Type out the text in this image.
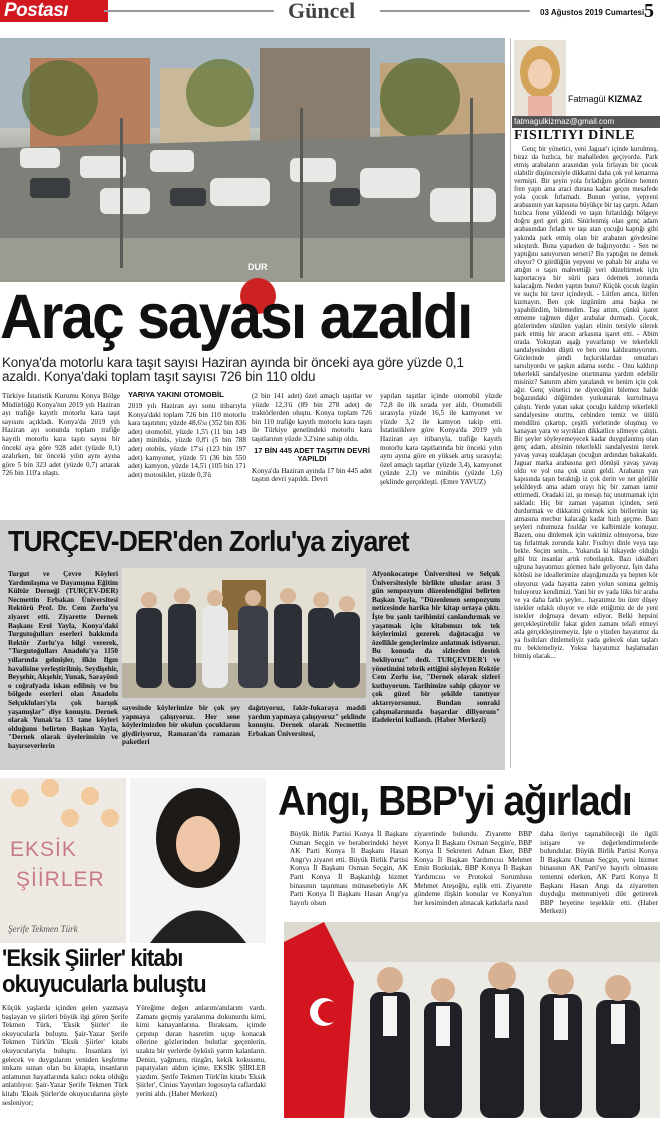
Postası	Güncel	03 Ağustos 2019 Cumartesi 5
DUR
Araç sayası azaldı
Konya'da motorlu kara taşıt sayısı Haziran ayında bir önceki aya göre yüzde 0,1 azaldı. Konya'daki toplam taşıt sayısı 726 bin 110 oldu
Türkiye İstatistik Kurumu Konya Bölge Müdürlüğü Konya'nın 2019 yılı Haziran ayı trafiğe kayıtlı motorlu kara taşıt sayısını açıkladı. Konya'da 2019 yılı Haziran ayı sonunda toplam trafiğe kayıtlı motorlu kara taşıtı sayısı bir önceki aya göre 928 adet (yüzde 0,1) azalırken, bir önceki yılın aynı ayına göre 5 bin 323 adet (yüzde 0,7) artarak 726 bin 110'a ulaştı.
YARIYA YAKINI OTOMOBİL
2019 yılı Haziran ayı sonu itibarıyla Konya'daki toplam 726 bin 110 motorlu kara taşıtının; yüzde 48,6'sı (352 bin 836 adet) otomobil, yüzde 1,5'i (11 bin 149 adet) minibüs, yüzde 0,8'i (5 bin 788 adet) otobüs, yüzde 17'si (123 bin 197 adet) kamyonet, yüzde 5'i (36 bin 550 adet) kamyon, yüzde 14,5'i (105 bin 171 adet) motosiklet, yüzde 0,3'ü
(2 bin 141 adet) özel amaçlı taşıtlar ve yüzde 12,3'ü (89 bin 278 adet) de traktörlerden oluştu. Konya toplam 726 bin 110 trafiğe kayıtlı motorlu kara taşıtı ile Türkiye genelindeki motorlu kara taşıtlarının yüzde 3,2'sine sahip oldu.
17 BİN 445 ADET TAŞITIN DEVRİ YAPILDI
Konya'da Haziran ayında 17 bin 445 adet taşıtın devri yapıldı. Devri
yapılan taşıtlar içinde otomobil yüzde 72,8 ile ilk sırada yer aldı. Otomobili sırasıyla yüzde 16,5 ile kamyonet ve yüzde 3,2 ile kamyon takip etti. İstatistiklere göre Konya'da 2019 yılı Haziran ayı itibarıyla, trafiğe kayıtlı motorlu kara taşıtlarında bir önceki yılın aynı ayına göre en yüksek artış sırasıyla; özel amaçlı taşıtlar (yüzde 3,4), kamyonet (yüzde 2,3) ve minibüs (yüzde 1,6) şeklinde gerçekleşti. (Emre YAVUZ)
TURÇEV-DER'den Zorlu'ya ziyaret
Turgut ve Çevre Köyleri Yardımlaşma ve Dayanışma Eğitim Kültür Derneği (TURÇEV-DER) Necmettin Erbakan Üniversitesi Rektörü Prof. Dr. Cem Zorlu'yu ziyaret etti. Ziyarette Dernek Başkanı Erol Yayla, Konya'daki Turgutoğulları eserleri hakkında Rektör Zorlu'ya bilgi vererek, "Turgutoğulları Anadolu'ya 1150 yıllarında gelmişler, ilkin Ilgın havalisine yerleştirilmiş. Seydişehir, Beyşehir, Akşehir, Yunak, Sarayönü o coğrafyada iskan edilmiş ve bu bölgede eserleri olan Anadolu Selçukluları'yla çok barışık yaşamışlar" diye konuştu. Dernek olarak Yunak'ta 13 tane köyleri olduğunu belirten Başkan Yayla, "Dernek olarak üyelerimizin ve hayırseverlerin
sayesinde köylerimize bir çok şey yapmaya çalışıyoruz. Her sene köylerimizden bir okulun çocuklarını giydiriyoruz, Ramazan'da ramazan paketleri
dağıtıyoruz, fakir-fukaraya maddi yardım yapmaya çalışıyoruz" şeklinde konuştu. Dernek olarak Necmettin Erbakan Üniversitesi,
Afyonkocatepe Üniversitesi ve Selçuk Üniversitesiyle birlikte uluslar arası 3 gün sempozyum düzenlendiğini belirten Başkan Yayla, "Düzenlenen sempozyum neticesinde harika bir kitap ortaya çıktı. İşte bu şanlı tarihimizi canlandırmak ve yaşatmak için kitabımızı tek tek köylerimizi gezerek dağıtacağız ve özellikle gençlerimize anlatmak istiyoruz. Bu konuda da sizlerden destek bekliyoruz" dedi. TURÇEVDER'i ve yönetimini tebrik ettiğini söyleyen Rektör Cem Zorlu ise, "Dernek olarak sizleri kutluyorum. Tarihimize sahip çıkıyor ve çok güzel bir şekilde tanıtıyor aktarıyorsunuz. Bundan sonraki çalışmalarınızda başarılar diliyorum" ifadelerini kullandı. (Haber Merkezi)
Fatmagül KIZMAZ
fatmagulkizmaz@gmail.com
FISILTIYI DİNLE
Genç bir yönetici, yeni Jaguar'ı içinde kurulmuş, biraz da hızlıca, bir mahalleden geçiyordu. Park etmiş arabaların arasından yola fırlayan bir çocuk olabilir düşüncesiyle dikkatini daha çok yol kenarına vermişti. Bir şeyin yola fırladığını görünce hemen fren yaptı ama araci durana kadar geçen mesafede yola çocuk fırlamadı. Bunun yerine, yepyeni arabasının yan kapısına büyükçe bir taş çarptı. Adam hızlıca frene yüklendi ve taşın fırlatıldığı bölgeye doğru geri geri gitti. Sinirlenmiş olan genç adam arabasından fırladı ve taşı atan çocuğu kaptığı gibi yakında park etmiş olan bir arabanın gövdesine sıkıştırdı. Buna yaparken de bağırıyordu: - Sen ne yaptığını sanıyorsun serseri? Bu yaptığın ne demek oluyor? O gördüğün yepyeni ve pahalı bir araba ve attığın o taşın mahvettiği yeri düzeltirmek için kaportacıya bir sürü para ödemek zorunda kalacağım. Neden yaptın bunu? Küçük çocuk üzgün ve suçlu bir tavır içindeydi. - Lütfen amca, lütfen kızmayın. Ben çok üzgünüm ama başka ne yapabilirdim, bilemedim. Taşı attım, çünkü işaret etmeme rağmen diğer arabalar durmadı. Çocuk, gözlerinden süzülen yaşları elinin tersiyle silerek park etmiş bir aracın arkasına işaret etti. - Abim orada. Yokuştan aşağı yuvarlanıp ve tekerlekli sandalyesinden düştü ve ben onu kaldıramıyorum. Gözlerinde şimdi hıçkırıklardan omuzları sarsılıyordu ve şaşkın adama sordu: - Onu kaldırıp tekerlekli sandalyesine oturtmama yardım edebilir misiniz? Sanırım abim yaralandı ve benim için çok ağır. Genç yönetici ne diyeceğini bilemez halde boğazındaki düğümden yutkunarak kurtulmaya çalıştı. Yerde yatan sakat çocuğu kaldırıp tekerlekli sandalyesine oturttu, cebinden temiz ve ütülü mendilini çıkartıp, çeşitli yerlerinde oluşmuş ve kanayan yara ve sıyrıkları dikkatlice silmeye çalıştı. Bir şeyler söyleyemeyecek kadar duygulanmış olan genç adam, abisinin tekerlekli sandalyesini iterek yavaş yavaş uzaklaşan çocuğun ardından bakakaldı. Jaguar marka arabasına geri dönüşü yavaş yavaş oldu ve yol ona çok uzun geldi. Arabanın yan kapısında taşın bıraktığı iz çok derin ve net görülür şekildeydi ama adam orayı hiç bir zaman tamir ettirmedi. Oradaki izi, şu mesajı hiç unutmamak için sakladı: Hiç bir zaman yaşamın içinden, seni durdurmak ve dikkatini çekmek için birilerinin taş atmasına mecbur kalacağı kadar hızlı geçme. Bazı şeyleri ruhumuza fısıldar ve kalbimizle konuşur. Bazen, onu dinlemek için vaktimiz olmuyorsa, bize taş fırlatmak zorunda kalır. Fısıltıyı dinle veya taşı bekle. Seçim senin... Yukarıda ki hikayede olduğu gibi biz insanlar artık robotlaştık. Bazı idealleri uğruna hayatımızı görmez hale geliyoruz. İşin daha kötüsü ise ideallerimize ulaştığımızda ya hepten kör oluyoruz yada hayatta zaten yolun sonuna gelmiş buluyoruz kendimizi. Yani bir ev yada lüks bir araba ve ya daha farklı şeyler... hayatımız bu üzer düşey istekler odaklı oluyor ve elde ettiğimiz de de yeni istekler doğmaya devam ediyor. Belki hepsini gerçekleştirebilir fakat giden zamanı telafi etmeyi asla gerçekleştiremeyiz. İşte o yüzden hayatımız da ya fısıltıları dinlemeliyiz yada gelecek olan taşları mı beklemeliyiz. Yoksa hayatımız başlamadan bitmiş olacak...
EKSİK
ŞİİRLER
Şerife Tekmen Türk
'Eksik Şiirler' kitabı
okuyucularla buluştu
Küçük yaşlarda içinden gelen yazmaya başlayan ve şiirleri büyük ilgi gören Şerife Tekmen Türk, 'Eksik Şiirler' ile okuyucularla buluştu. Şair-Yazar Şerife Tekmen Türk'ün 'Eksik Şiirler' kitabı okuyucularıyla buluştu. İnsanlara iyi gelecek ve duygularını yeniden keşfetme imkanı sunan olan bu kitapta, insanların anlamının hayatlarında kalıcı nokta olduğu anlatılıyor. Şair-Yazar Şerife Tekmen Türk kitabı 'Eksik Şiirler'de okuyucularına şöyle sesleniyor;
Yüreğime değen anlarım/anılarım vardı. Zamanı geçmiş yaralarıma dokunurdu kimi, kimi kanayanlarına. Bıraksam, içimde çırpınıp duran hasretim uçup konacak ellerine gözlerinden bulutlar geçenlerin, uzakta bir yerlerde öyküsü yarım kalanların. Denizi, yağmuru, rüzgârı, kekik kokusunu, papatyaları aldım içime, EKSİK ŞİİRLER yazdım. Şerife Tekmen Türk'ün kitabı 'Eksik Şiirler', Cinius Yayınları logosuyla raflardaki yerini aldı. (Haber Merkezi)
Angı, BBP'yi ağırladı
Büyük Birlik Partisi Konya İl Başkanı Osman Seçgin ve beraberindeki heyet AK Parti Konya İl Başkanı Hasan Angı'yı ziyaret etti. Büyük Birlik Partisi Konya İl Başkanı Osman Seçgin, AK Parti Konya İl Başkanlığı hizmet binasının taşınması münasebetiyle AK Parti Konya İl Başkanı Hasan Angı'ya hayırlı olsun
ziyaretinde bulundu. Ziyarette BBP Konya İl Başkanı Osman Seçgin'e, BBP Konya İl Sekreteri Adnan Eker, BBP Konya İl Başkan Yardımcısı Mehmet Emin Bozkulak, BBP Konya İl Başkan Yardımcısı ve Protokol Sorumlusu Mehmet Ateşoğlu, eşlik etti. Ziyarette gündeme ilişkin konular ve Konya'nın her kesiminden alınacak katkılarla nasıl
daha ileriye taşınabileceği ile ilgili istişare ve değerlendirmelerde bulundular. Büyük Birlik Partisi Konya İl Başkanı Osman Seçgin, yeni hizmet binasının AK Parti'ye hayırlı olmasını temenni ederken, AK Parti Konya İl Başkanı Hasan Angı da ziyaretten duyduğu memnuniyeti dile getirerek BBP heyetine teşekkür etti. (Haber Merkezi)
